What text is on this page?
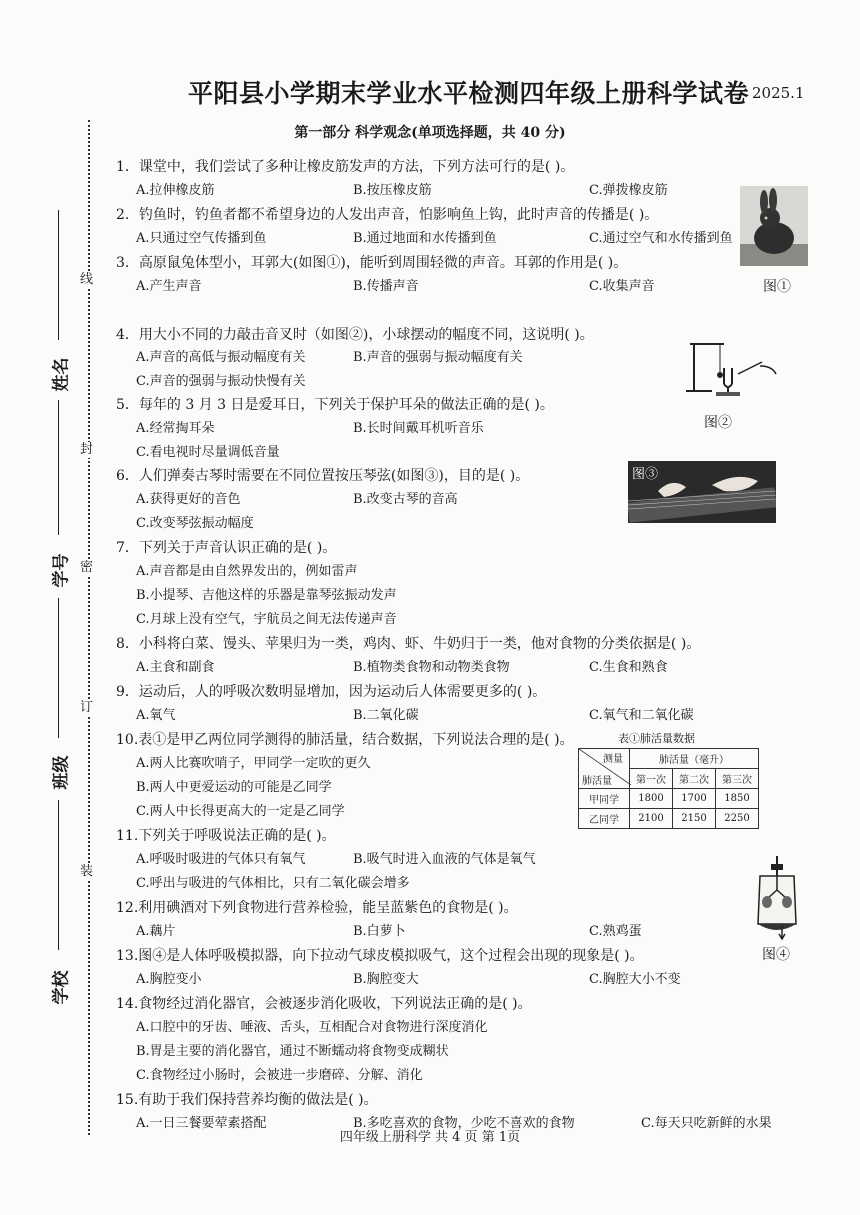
平阳县小学期末学业水平检测四年级上册科学试卷 2025.1
第一部分 科学观念(单项选择题，共 40 分)
线
封
密
订
装
姓名
学号
班级
学校
1．课堂中，我们尝试了多种让橡皮筋发声的方法，下列方法可行的是( )。
A.拉伸橡皮筋	B.按压橡皮筋	C.弹拨橡皮筋
2．钓鱼时，钓鱼者都不希望身边的人发出声音，怕影响鱼上钩，此时声音的传播是( )。
A.只通过空气传播到鱼	B.通过地面和水传播到鱼	C.通过空气和水传播到鱼
3．高原鼠兔体型小，耳郭大(如图①)，能听到周围轻微的声音。耳郭的作用是( )。
A.产生声音	B.传播声音	C.收集声音
4．用大小不同的力敲击音叉时（如图②)，小球摆动的幅度不同，这说明( )。
A.声音的高低与振动幅度有关	B.声音的强弱与振动幅度有关
C.声音的强弱与振动快慢有关
5．每年的 3 月 3 日是爱耳日，下列关于保护耳朵的做法正确的是( )。
A.经常掏耳朵	B.长时间戴耳机听音乐
C.看电视时尽量调低音量
6．人们弹奏古琴时需要在不同位置按压琴弦(如图③)，目的是( )。
A.获得更好的音色	B.改变古琴的音高
C.改变琴弦振动幅度
7．下列关于声音认识正确的是( )。
A.声音都是由自然界发出的，例如雷声
B.小提琴、吉他这样的乐器是靠琴弦振动发声
C.月球上没有空气，宇航员之间无法传递声音
8．小科将白菜、馒头、苹果归为一类，鸡肉、虾、牛奶归于一类，他对食物的分类依据是( )。
A.主食和副食	B.植物类食物和动物类食物	C.生食和熟食
9．运动后，人的呼吸次数明显增加，因为运动后人体需要更多的( )。
A.氧气	B.二氧化碳	C.氧气和二氧化碳
10.表①是甲乙两位同学测得的肺活量，结合数据，下列说法合理的是( )。
A.两人比赛吹哨子，甲同学一定吹的更久
B.两人中更爱运动的可能是乙同学
C.两人中长得更高大的一定是乙同学
11.下列关于呼吸说法正确的是( )。
A.呼吸时吸进的气体只有氧气	B.吸气时进入血液的气体是氧气
C.呼出与吸进的气体相比，只有二氧化碳会增多
12.利用碘酒对下列食物进行营养检验，能呈蓝紫色的食物是( )。
A.藕片	B.白萝卜	C.熟鸡蛋
13.图④是人体呼吸模拟器，向下拉动气球皮模拟吸气，这个过程会出现的现象是( )。
A.胸腔变小	B.胸腔变大	C.胸腔大小不变
14.食物经过消化器官，会被逐步消化吸收，下列说法正确的是( )。
A.口腔中的牙齿、唾液、舌头，互相配合对食物进行深度消化
B.胃是主要的消化器官，通过不断蠕动将食物变成糊状
C.食物经过小肠时，会被进一步磨碎、分解、消化
15.有助于我们保持营养均衡的做法是( )。
A.一日三餐要荤素搭配	B.多吃喜欢的食物，少吃不喜欢的食物	C.每天只吃新鲜的水果
图①
图②
图③
图④
表①肺活量数据
测量
肺活量	肺活量（毫升）		
	第一次	第二次	第三次
甲同学	1800	1700	1850
乙同学	2100	2150	2250
四年级上册科学 共 4 页 第 1页
